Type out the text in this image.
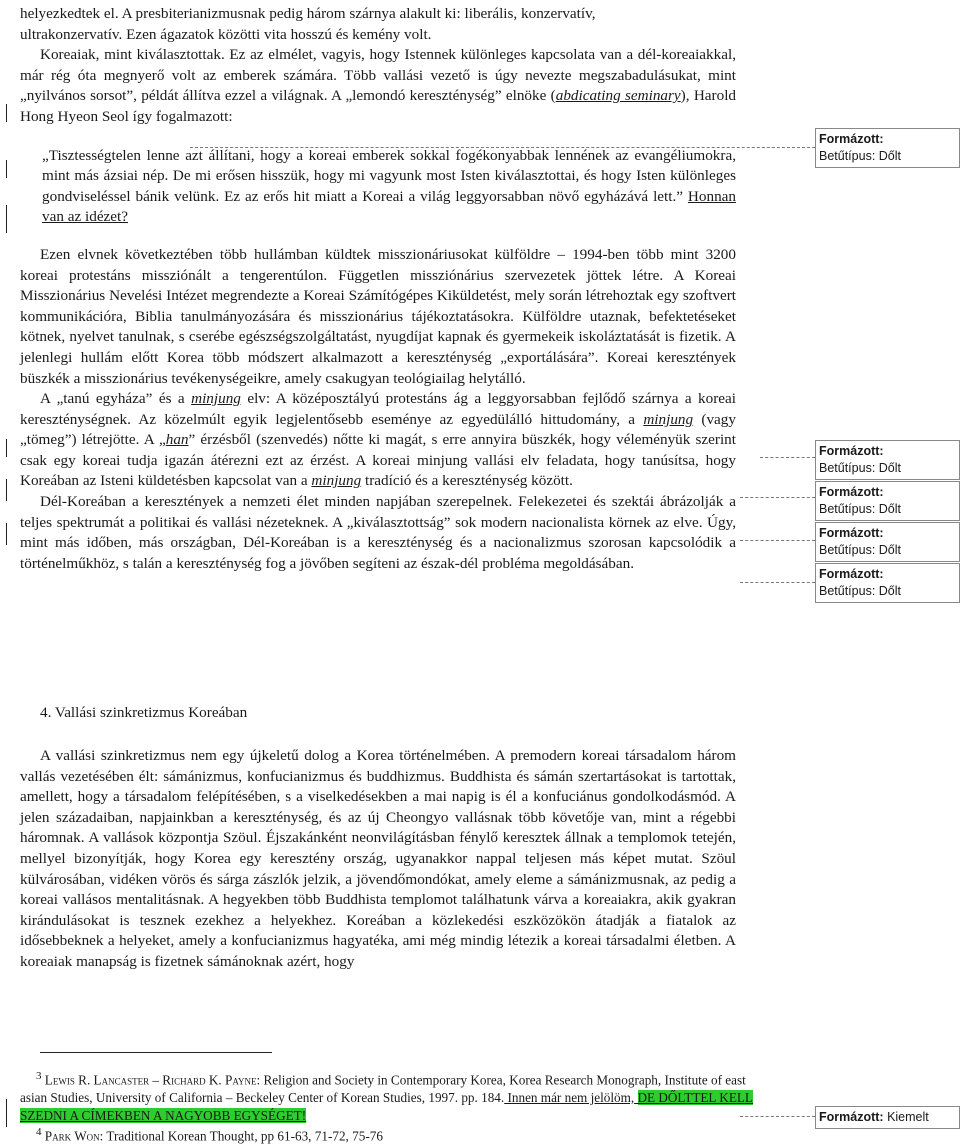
helyezkedtek el. A presbiterianizmusnak pedig három szárnya alakult ki: liberális, konzervatív,

ultrakonzervatív. Ezen ágazatok közötti vita hosszú és kemény volt.

Koreaiak, mint kiválasztottak. Ez az elmélet, vagyis, hogy Istennek különleges kapcsolata van a dél-koreaiakkal, már rég óta megnyerő volt az emberek számára. Több vallási vezető is úgy nevezte megszabadulásukat, mint „nyilvános sorsot”, példát állítva ezzel a világnak. A „lemondó kereszténység” elnöke (abdicating seminary), Harold Hong Hyeon Seol így fogalmazott:

„Tisztességtelen lenne azt állítani, hogy a koreai emberek sokkal fogékonyabbak lennének az evangéliumokra, mint más ázsiai nép. De mi erősen hisszük, hogy mi vagyunk most Isten kiválasztottai, és hogy Isten különleges gondviseléssel bánik velünk. Ez az erős hit miatt a Koreai a világ leggyorsabban növő egyházává lett.” Honnan van az idézet?

Ezen elvnek következtében több hullámban küldtek misszionáriusokat külföldre – 1994-ben több mint 3200 koreai protestáns missziónált a tengerentúlon. Független missziónárius szervezetek jöttek létre. A Koreai Misszionárius Nevelési Intézet megrendezte a Koreai Számítógépes Kiküldetést, mely során létrehoztak egy szoftvert kommunikációra, Biblia tanulmányozására és misszionárius tájékoztatásokra. Külföldre utaznak, befektetéseket kötnek, nyelvet tanulnak, s cserébe egészségszolgáltatást, nyugdíjat kapnak és gyermekeik iskoláztatását is fizetik. A jelenlegi hullám előtt Korea több módszert alkalmazott a kereszténység „exportálására”. Koreai keresztények büszkék a misszionárius tevékenységeikre, amely csakugyan teológiailag helytálló.

A „tanú egyháza” és a minjung elv: A középosztályú protestáns ág a leggyorsabban fejlődő szárnya a koreai kereszténységnek. Az közelmúlt egyik legjelentősebb eseménye az egyedülálló hittudomány, a minjung (vagy „tömeg”) létrejötte. A „han” érzésből (szenvedés) nőtte ki magát, s erre annyira büszkék, hogy véleményük szerint csak egy koreai tudja igazán átérezni ezt az érzést. A koreai minjung vallási elv feladata, hogy tanúsítsa, hogy Koreában az Isteni küldetésben kapcsolat van a minjung tradíció és a kereszténység között.

Dél-Koreában a keresztények a nemzeti élet minden napjában szerepelnek. Felekezetei és szektái ábrázolják a teljes spektrumát a politikai és vallási nézeteknek. A „kiválasztottság” sok modern nacionalista körnek az elve. Úgy, mint más időben, más országban, Dél-Koreában is a kereszténység és a nacionalizmus szorosan kapcsolódik a történelműkhöz, s talán a kereszténység fog a jövőben segíteni az észak-dél probléma megoldásában.

4. Vallási szinkretizmus Koreában

A vallási szinkretizmus nem egy újkeletű dolog a Korea történelmében. A premodern koreai társadalom három vallás vezetésében élt: sámánizmus, konfucianizmus és buddhizmus. Buddhista és sámán szertartásokat is tartottak, amellett, hogy a társadalom felépítésében, s a viselkedésekben a mai napig is él a konfuciánus gondolkodásmód. A jelen századaiban, napjainkban a kereszténység, és az új Cheongyo vallásnak több követője van, mint a régebbi háromnak. A vallások központja Szöul. Éjszakánként neonvilágításban fénylő keresztek állnak a templomok tetején, mellyel bizonyítják, hogy Korea egy keresztény ország, ugyanakkor nappal teljesen más képet mutat. Szöul külvárosában, vidéken vörös és sárga zászlók jelzik, a jövendőmondókat, amely eleme a sámánizmusnak, az pedig a koreai vallásos mentalitásnak. A hegyekben több Buddhista templomot találhatunk várva a koreaiakra, akik gyakran kirándulásokat is tesznek ezekhez a helyekhez. Koreában a közlekedési eszközökön átadják a fiatalok az idősebbeknek a helyeket, amely a konfucianizmus hagyatéka, ami még mindig létezik a koreai társadalmi életben. A koreaiak manapság is fizetnek sámánoknak azért, hogy

$^3$ Lewis R. Lancaster – Richard K. Payne: Religion and Society in Contemporary Korea, Korea Research Monograph, Institute of east asian Studies, University of California – Beckeley Center of Korean Studies, 1997. pp. 184. Innen már nem jelölöm, DE DŐLTTEL KELL SZEDNI A CÍMEKBEN A NAGYOBB EGYSÉGET!

$^4$ Park Won: Traditional Korean Thought, pp 61-63, 71-72, 75-76

Formázott:
Betűtípus: Dőlt
Formázott:
Betűtípus: Dőlt
Formázott:
Betűtípus: Dőlt
Formázott:
Betűtípus: Dőlt
Formázott:
Betűtípus: Dőlt
Formázott: Kiemelt
